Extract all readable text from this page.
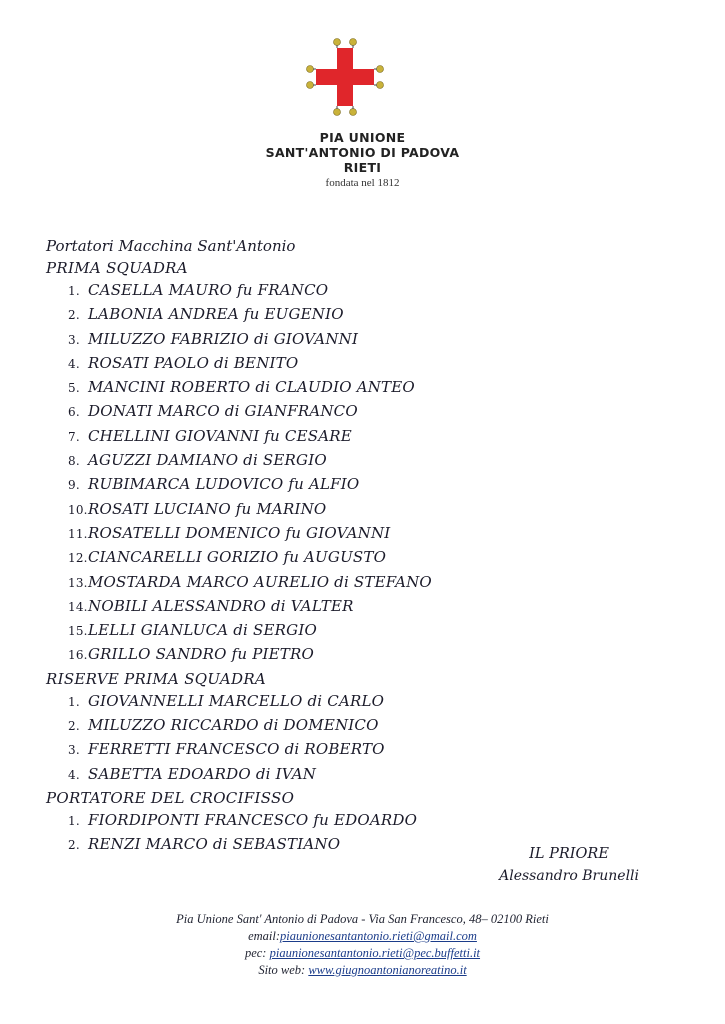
PIA UNIONE
SANT'ANTONIO DI PADOVA
RIETI
fondata nel 1812
Portatori Macchina Sant'Antonio
PRIMA SQUADRA
1. CASELLA MAURO fu FRANCO
2. LABONIA ANDREA fu EUGENIO
3. MILUZZO FABRIZIO di GIOVANNI
4. ROSATI PAOLO di BENITO
5. MANCINI ROBERTO di CLAUDIO ANTEO
6. DONATI MARCO di GIANFRANCO
7. CHELLINI GIOVANNI fu CESARE
8. AGUZZI DAMIANO di SERGIO
9. RUBIMARCA LUDOVICO fu ALFIO
10.ROSATI LUCIANO fu MARINO
11.ROSATELLI DOMENICO fu GIOVANNI
12.CIANCARELLI GORIZIO fu AUGUSTO
13.MOSTARDA MARCO AURELIO di STEFANO
14.NOBILI ALESSANDRO di VALTER
15.LELLI GIANLUCA di SERGIO
16.GRILLO SANDRO fu PIETRO
RISERVE PRIMA SQUADRA
1. GIOVANNELLI MARCELLO di CARLO
2. MILUZZO RICCARDO di DOMENICO
3. FERRETTI FRANCESCO di ROBERTO
4. SABETTA EDOARDO di IVAN
PORTATORE DEL CROCIFISSO
1. FIORDIPONTI FRANCESCO fu EDOARDO
2. RENZI MARCO di SEBASTIANO
IL PRIORE
Alessandro Brunelli
Pia Unione Sant' Antonio di Padova - Via San Francesco, 48– 02100 Rieti
email:piaunionesantantonio.rieti@gmail.com
pec: piaunionesantantonio.rieti@pec.buffetti.it
Sito web: www.giugnoantonianoreatino.it
